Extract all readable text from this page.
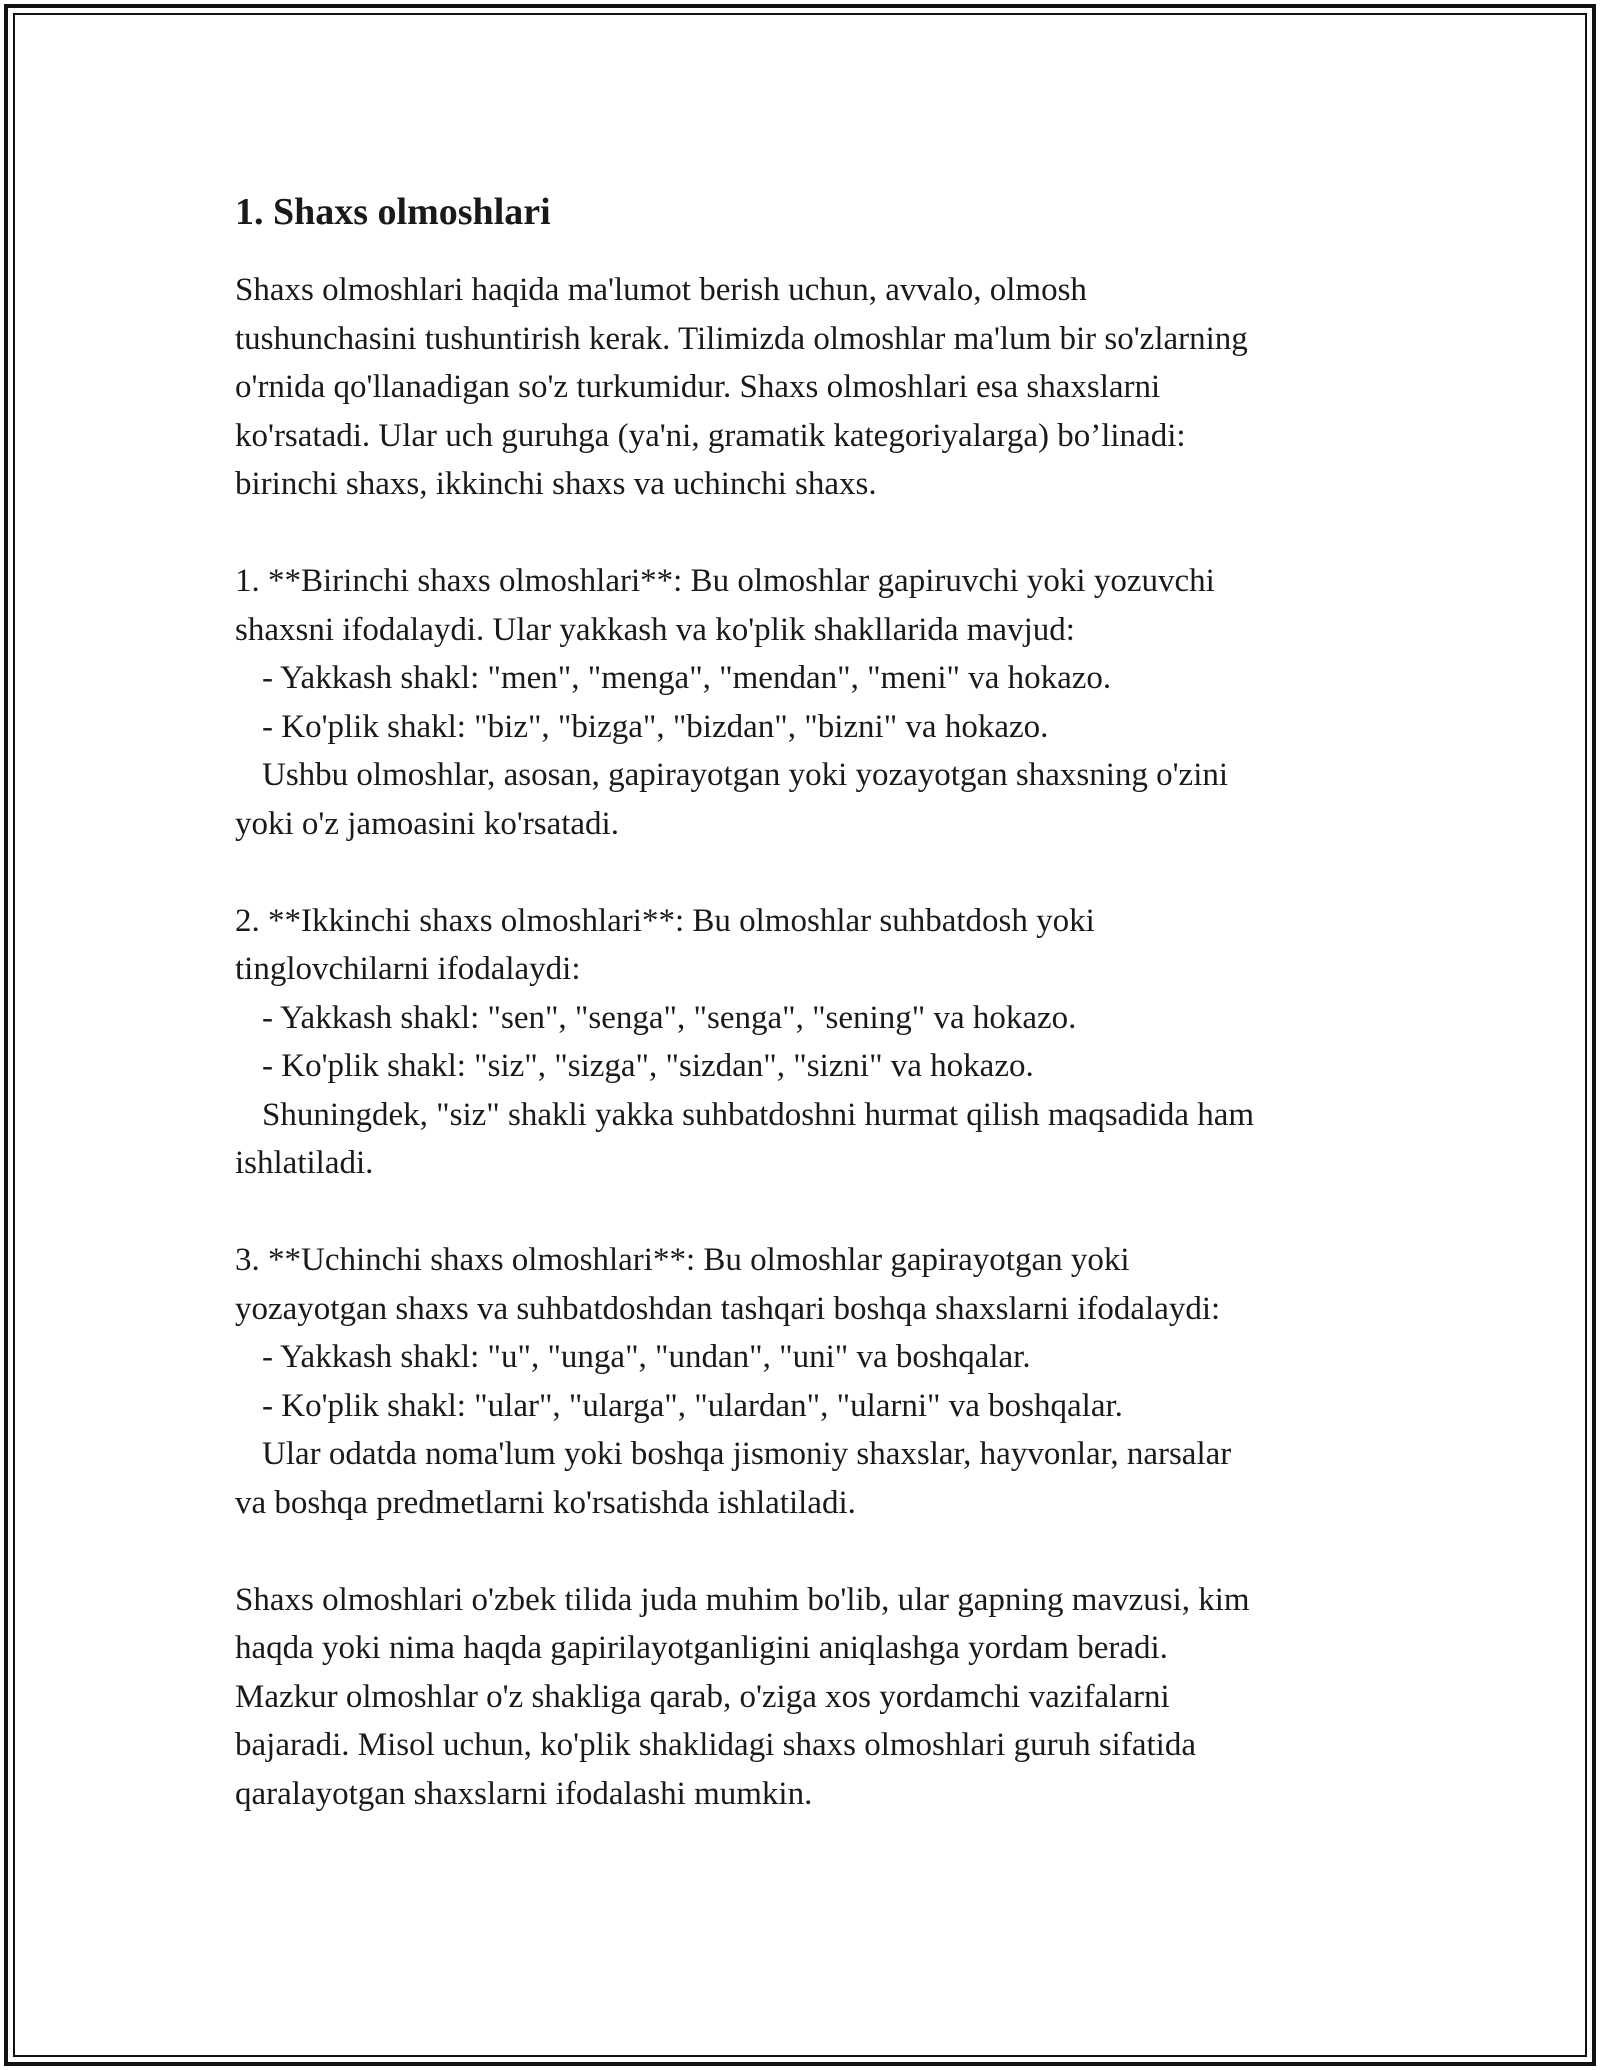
1. Shaxs olmoshlari
Shaxs olmoshlari haqida ma'lumot berish uchun, avvalo, olmosh
tushunchasini tushuntirish kerak. Tilimizda olmoshlar ma'lum bir so'zlarning
o'rnida qo'llanadigan so'z turkumidur. Shaxs olmoshlari esa shaxslarni
ko'rsatadi. Ular uch guruhga (ya'ni, gramatik kategoriyalarga) bo’linadi:
birinchi shaxs, ikkinchi shaxs va uchinchi shaxs.
1. **Birinchi shaxs olmoshlari**: Bu olmoshlar gapiruvchi yoki yozuvchi
shaxsni ifodalaydi. Ular yakkash va ko'plik shakllarida mavjud:
- Yakkash shakl: "men", "menga", "mendan", "meni" va hokazo.
- Ko'plik shakl: "biz", "bizga", "bizdan", "bizni" va hokazo.
Ushbu olmoshlar, asosan, gapirayotgan yoki yozayotgan shaxsning o'zini
yoki o'z jamoasini ko'rsatadi.
2. **Ikkinchi shaxs olmoshlari**: Bu olmoshlar suhbatdosh yoki
tinglovchilarni ifodalaydi:
- Yakkash shakl: "sen", "senga", "senga", "sening" va hokazo.
- Ko'plik shakl: "siz", "sizga", "sizdan", "sizni" va hokazo.
Shuningdek, "siz" shakli yakka suhbatdoshni hurmat qilish maqsadida ham
ishlatiladi.
3. **Uchinchi shaxs olmoshlari**: Bu olmoshlar gapirayotgan yoki
yozayotgan shaxs va suhbatdoshdan tashqari boshqa shaxslarni ifodalaydi:
- Yakkash shakl: "u", "unga", "undan", "uni" va boshqalar.
- Ko'plik shakl: "ular", "ularga", "ulardan", "ularni" va boshqalar.
Ular odatda noma'lum yoki boshqa jismoniy shaxslar, hayvonlar, narsalar
va boshqa predmetlarni ko'rsatishda ishlatiladi.
Shaxs olmoshlari o'zbek tilida juda muhim bo'lib, ular gapning mavzusi, kim
haqda yoki nima haqda gapirilayotganligini aniqlashga yordam beradi.
Mazkur olmoshlar o'z shakliga qarab, o'ziga xos yordamchi vazifalarni
bajaradi. Misol uchun, ko'plik shaklidagi shaxs olmoshlari guruh sifatida
qaralayotgan shaxslarni ifodalashi mumkin.
